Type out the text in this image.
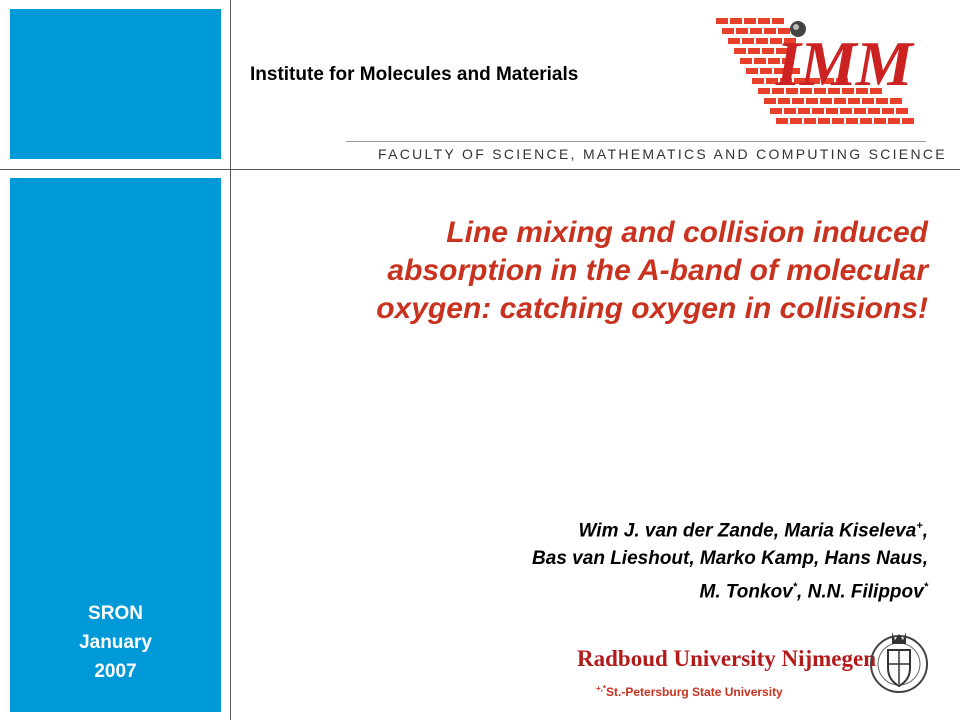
Institute for Molecules and Materials	IMM
FACULTY OF SCIENCE, MATHEMATICS AND COMPUTING SCIENCE
Line mixing and collision induced
absorption in the A-band of molecular
oxygen: catching oxygen in collisions!
Wim J. van der Zande, Maria Kiseleva+,
Bas van Lieshout, Marko Kamp, Hans Naus,
M. Tonkov*, N.N. Filippov*
SRON
January
2007
Radboud University Nijmegen
+,*St.-Petersburg State University
